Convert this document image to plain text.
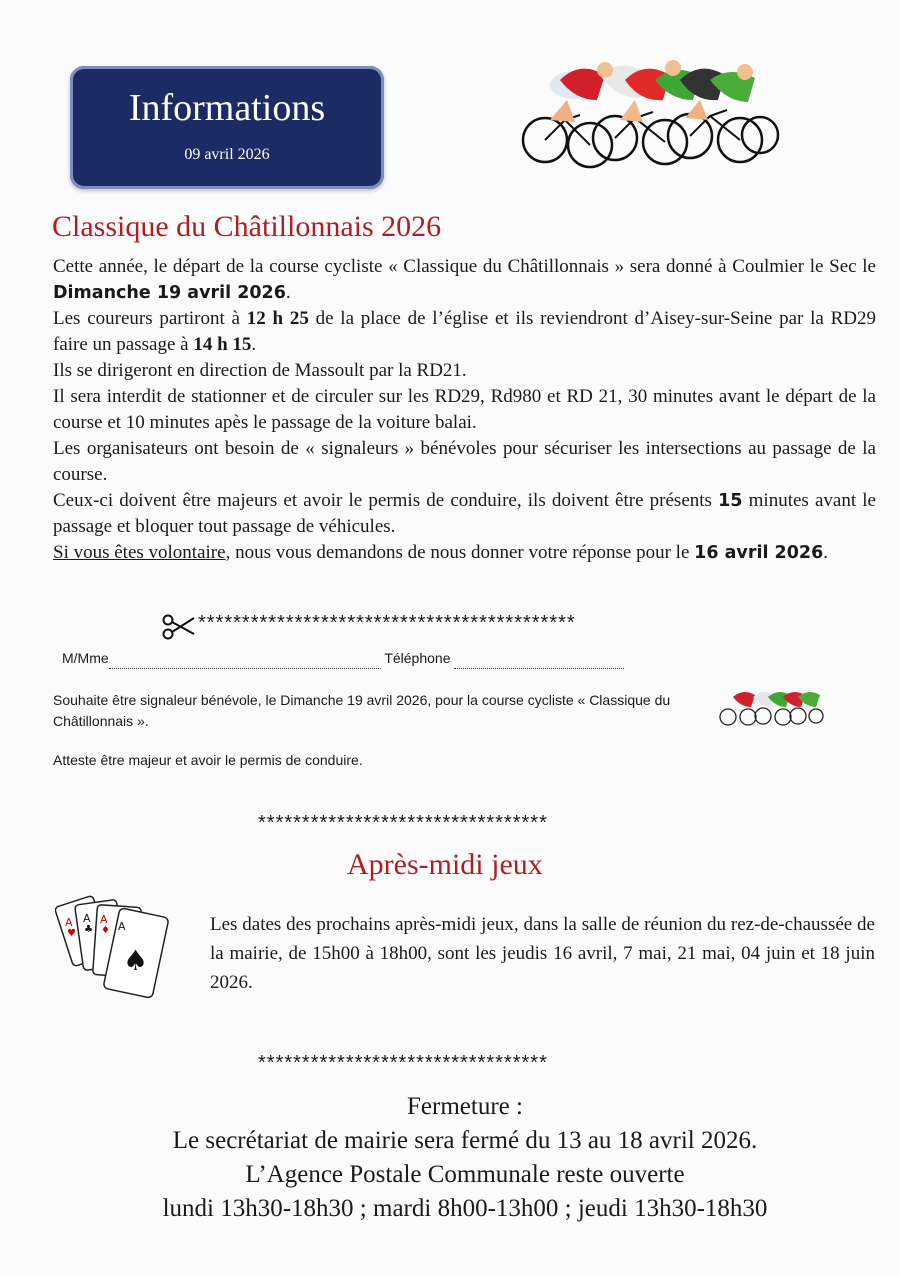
Informations
09 avril 2026
Classique du Châtillonnais 2026

Cette année, le départ de la course cycliste « Classique du Châtillonnais » sera donné à Coulmier le Sec le Dimanche 19 avril 2026.

Les coureurs partiront à 12 h 25 de la place de l’église et ils reviendront d’Aisey-sur-Seine par la RD29 faire un passage à 14 h 15.

Ils se dirigeront en direction de Massoult par la RD21.

Il sera interdit de stationner et de circuler sur les RD29, Rd980 et RD 21, 30 minutes avant le départ de la course et 10 minutes apès le passage de la voiture balai.

Les organisateurs ont besoin de « signaleurs » bénévoles pour sécuriser les intersections au passage de la course.

Ceux-ci doivent être majeurs et avoir le permis de conduire, ils doivent être présents 15 minutes avant le passage et bloquer tout passage de véhicules.

Si vous êtes volontaire, nous vous demandons de nous donner votre réponse pour le 16 avril 2026.

*******************************************
M/Mme	Téléphone
Souhaite être signaleur bénévole, le Dimanche 19 avril 2026, pour la course cycliste « Classique du Châtillonnais ».
Atteste être majeur et avoir le permis de conduire.
*********************************
Après-midi jeux
A
♥
A
♣
A
♦ A
♠
Les dates des prochains après-midi jeux, dans la salle de réunion du rez-de-chaussée de la mairie, de 15h00 à 18h00, sont les jeudis 16 avril, 7 mai, 21 mai, 04 juin et 18 juin 2026.
*********************************
Fermeture :
Le secrétariat de mairie sera fermé du 13 au 18 avril 2026.
L’Agence Postale Communale reste ouverte
lundi 13h30-18h30 ; mardi 8h00-13h00 ; jeudi 13h30-18h30
